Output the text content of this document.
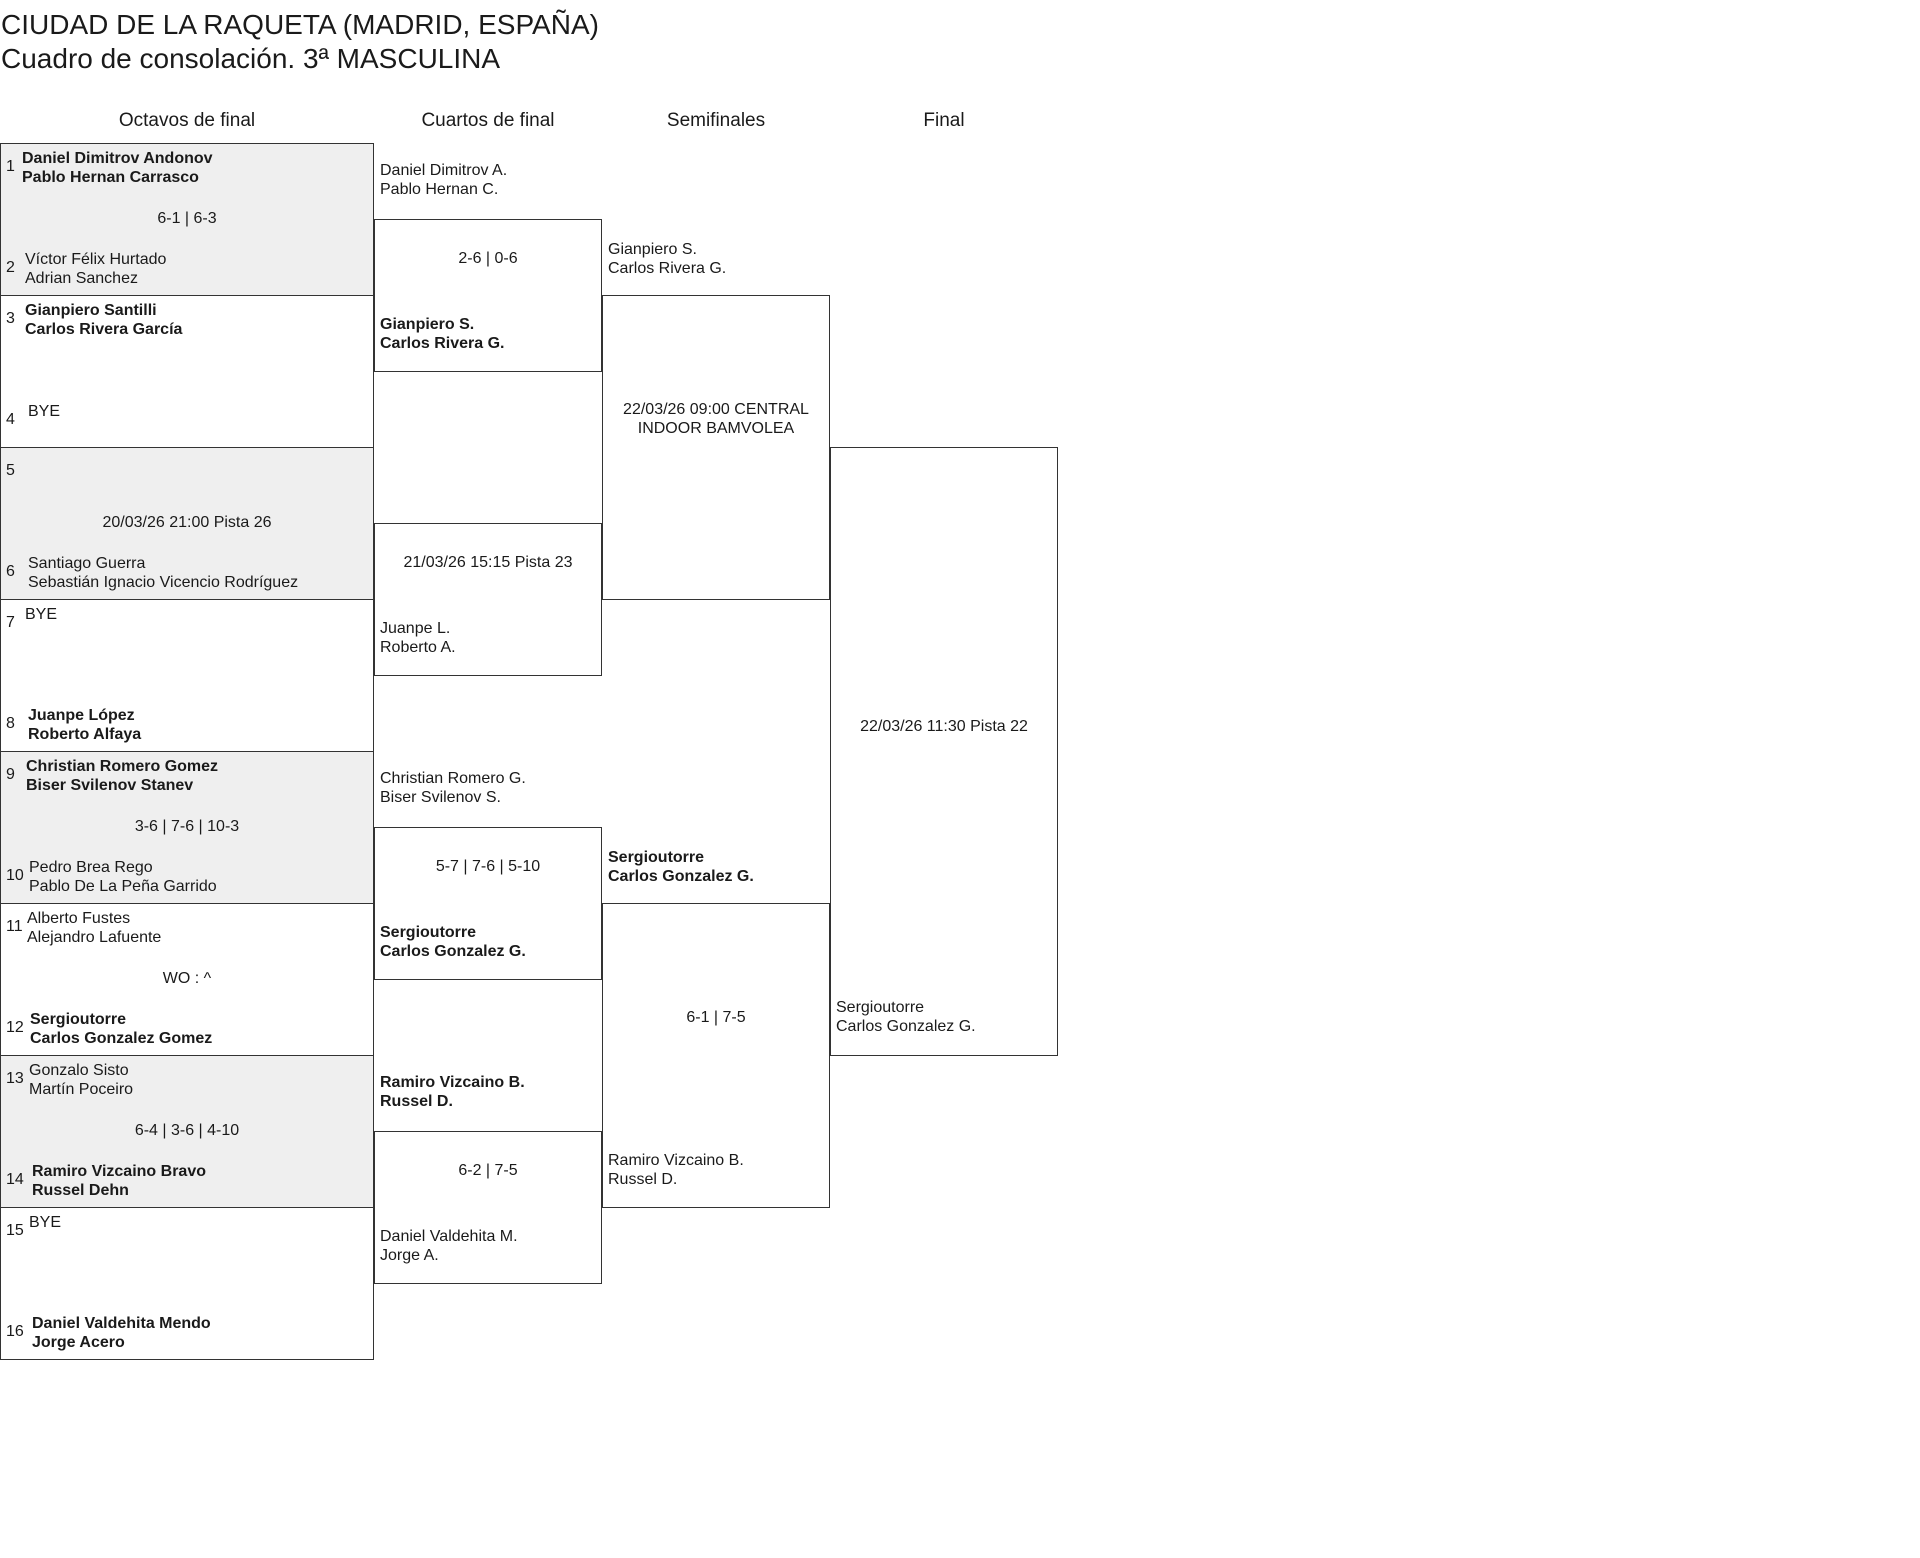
CIUDAD DE LA RAQUETA (MADRID, ESPAÑA)
Cuadro de consolación. 3ª MASCULINA
Octavos de final	Cuartos de final	Semifinales	Final
1 Daniel Dimitrov Andonov
Pablo Hernan Carrasco
6-1 | 6-3
2 Víctor Félix Hurtado
Adrian Sanchez
3 Gianpiero Santilli
Carlos Rivera García
4 BYE
5
20/03/26 21:00 Pista 26
6 Santiago Guerra
Sebastián Ignacio Vicencio Rodríguez
7 BYE
8 Juanpe López
Roberto Alfaya
9 Christian Romero Gomez
Biser Svilenov Stanev
3-6 | 7-6 | 10-3
10 Pedro Brea Rego
Pablo De La Peña Garrido
11 Alberto Fustes
Alejandro Lafuente
WO : ^
12 Sergioutorre
Carlos Gonzalez Gomez
13 Gonzalo Sisto
Martín Poceiro
6-4 | 3-6 | 4-10
14 Ramiro Vizcaino Bravo
Russel Dehn
15 BYE
16 Daniel Valdehita Mendo
Jorge Acero
2-6 | 0-6
Daniel Dimitrov A.
Pablo Hernan C.
Gianpiero S.
Carlos Rivera G.
21/03/26 15:15 Pista 23
Juanpe L.
Roberto A.
5-7 | 7-6 | 5-10
Christian Romero G.
Biser Svilenov S.
Sergioutorre
Carlos Gonzalez G.
6-2 | 7-5
Ramiro Vizcaino B.
Russel D.
Daniel Valdehita M.
Jorge A.
22/03/26 09:00 CENTRAL
INDOOR BAMVOLEA
Gianpiero S.
Carlos Rivera G.
6-1 | 7-5
Sergioutorre
Carlos Gonzalez G.
Ramiro Vizcaino B.
Russel D.
22/03/26 11:30 Pista 22
Sergioutorre
Carlos Gonzalez G.
